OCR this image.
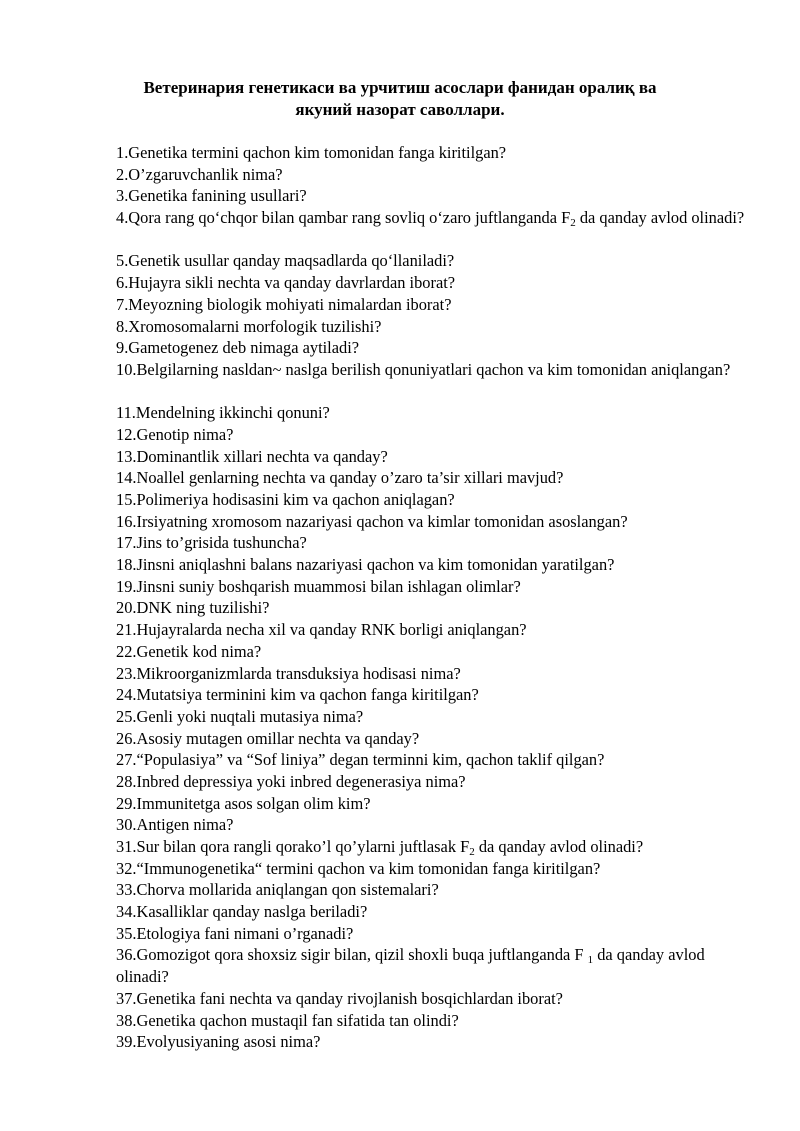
Ветеринария генетикаси ва урчитиш асослари фанидан оралиқ ва
якуний назорат саволлари.
1.Genetika termini qachon kim tomonidan fanga kiritilgan?
2.O’zgaruvchanlik nima?
3.Genetika fanining usullari?
4.Qora rang qo‘chqor bilan qambar rang sovliq o‘zaro juftlanganda $F_2$ da qanday avlod olinadi?
5.Genetik usullar qanday maqsadlarda qo‘llaniladi?
6.Hujayra sikli nechta va qanday davrlardan iborat?
7.Meyozning biologik mohiyati nimalardan iborat?
8.Xromosomalarni morfologik tuzilishi?
9.Gametogenez deb nimaga aytiladi?
10.Belgilarning nasldan~ naslga berilish qonuniyatlari qachon va kim tomonidan aniqlangan?
11.Mendelning ikkinchi qonuni?
12.Genotip nima?
13.Dominantlik xillari nechta va qanday?
14.Noallel genlarning nechta va qanday o’zaro ta’sir xillari mavjud?
15.Polimeriya hodisasini kim va qachon aniqlagan?
16.Irsiyatning xromosom nazariyasi qachon va kimlar tomonidan asoslangan?
17.Jins to’grisida tushuncha?
18.Jinsni aniqlashni balans nazariyasi qachon va kim tomonidan yaratilgan?
19.Jinsni suniy boshqarish muammosi bilan ishlagan olimlar?
20.DNK ning tuzilishi?
21.Hujayralarda necha xil va qanday RNK borligi aniqlangan?
22.Genetik kod nima?
23.Mikroorganizmlarda transduksiya hodisasi nima?
24.Mutatsiya terminini kim va qachon fanga kiritilgan?
25.Genli yoki nuqtali mutasiya nima?
26.Asosiy mutagen omillar nechta va qanday?
27.“Populasiya” va “Sof liniya” degan terminni kim, qachon taklif qilgan?
28.Inbred depressiya yoki inbred degenerasiya nima?
29.Immunitetga asos solgan olim kim?
30.Antigen nima?
31.Sur bilan qora rangli qorako’l qo’ylarni juftlasak $F_2$ da qanday avlod olinadi?
32.“Immunogenetika“ termini qachon va kim tomonidan fanga kiritilgan?
33.Chorva mollarida aniqlangan qon sistemalari?
34.Kasalliklar qanday naslga beriladi?
35.Etologiya fani nimani o’rganadi?
36.Gomozigot qora shoxsiz sigir bilan, qizil shoxli buqa juftlanganda F $_1$ da qanday avlod olinadi?
37.Genetika fani nechta va qanday rivojlanish bosqichlardan iborat?
38.Genetika qachon mustaqil fan sifatida tan olindi?
39.Evolyusiyaning asosi nima?
